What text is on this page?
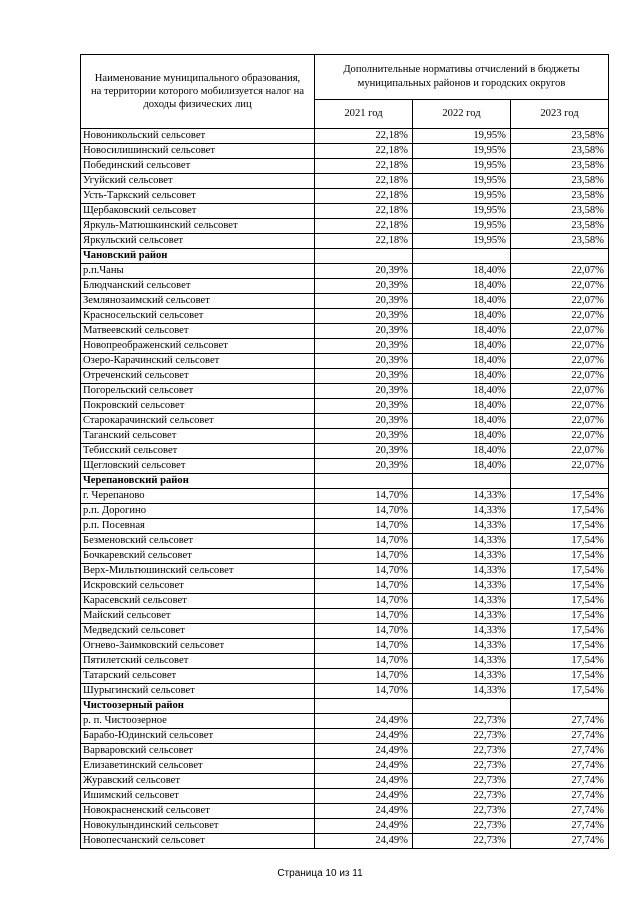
Наименование муниципального образования, на территории которого мобилизуется налог на доходы физических лиц	Дополнительные нормативы отчислений в бюджеты муниципальных районов и городских округов		
	2021 год	2022 год	2023 год
Новоникольский сельсовет	22,18%	19,95%	23,58%
Новосилишинский сельсовет	22,18%	19,95%	23,58%
Побединский сельсовет	22,18%	19,95%	23,58%
Угуйский сельсовет	22,18%	19,95%	23,58%
Усть-Таркский сельсовет	22,18%	19,95%	23,58%
Щербаковский сельсовет	22,18%	19,95%	23,58%
Яркуль-Матюшкинский сельсовет	22,18%	19,95%	23,58%
Яркульский сельсовет	22,18%	19,95%	23,58%
Чановский район			
р.п.Чаны	20,39%	18,40%	22,07%
Блюдчанский сельсовет	20,39%	18,40%	22,07%
Землянозаимский сельсовет	20,39%	18,40%	22,07%
Красносельский сельсовет	20,39%	18,40%	22,07%
Матвеевский сельсовет	20,39%	18,40%	22,07%
Новопреображенский сельсовет	20,39%	18,40%	22,07%
Озеро-Карачинский сельсовет	20,39%	18,40%	22,07%
Отреченский сельсовет	20,39%	18,40%	22,07%
Погорельский сельсовет	20,39%	18,40%	22,07%
Покровский сельсовет	20,39%	18,40%	22,07%
Старокарачинский сельсовет	20,39%	18,40%	22,07%
Таганский сельсовет	20,39%	18,40%	22,07%
Тебисский сельсовет	20,39%	18,40%	22,07%
Щегловский сельсовет	20,39%	18,40%	22,07%
Черепановский район			
г. Черепаново	14,70%	14,33%	17,54%
р.п. Дорогино	14,70%	14,33%	17,54%
р.п. Посевная	14,70%	14,33%	17,54%
Безменовский сельсовет	14,70%	14,33%	17,54%
Бочкаревский сельсовет	14,70%	14,33%	17,54%
Верх-Мильтюшинский сельсовет	14,70%	14,33%	17,54%
Искровский сельсовет	14,70%	14,33%	17,54%
Карасевский сельсовет	14,70%	14,33%	17,54%
Майский сельсовет	14,70%	14,33%	17,54%
Медведский сельсовет	14,70%	14,33%	17,54%
Огнево-Заимковский сельсовет	14,70%	14,33%	17,54%
Пятилетский сельсовет	14,70%	14,33%	17,54%
Татарский сельсовет	14,70%	14,33%	17,54%
Шурыгинский сельсовет	14,70%	14,33%	17,54%
Чистоозерный район			
р. п. Чистоозерное	24,49%	22,73%	27,74%
Барабо-Юдинский сельсовет	24,49%	22,73%	27,74%
Варваровский сельсовет	24,49%	22,73%	27,74%
Елизаветинский сельсовет	24,49%	22,73%	27,74%
Журавский сельсовет	24,49%	22,73%	27,74%
Ишимский сельсовет	24,49%	22,73%	27,74%
Новокрасненский сельсовет	24,49%	22,73%	27,74%
Новокулындинский сельсовет	24,49%	22,73%	27,74%
Новопесчанский сельсовет	24,49%	22,73%	27,74%
Страница 10 из 11
